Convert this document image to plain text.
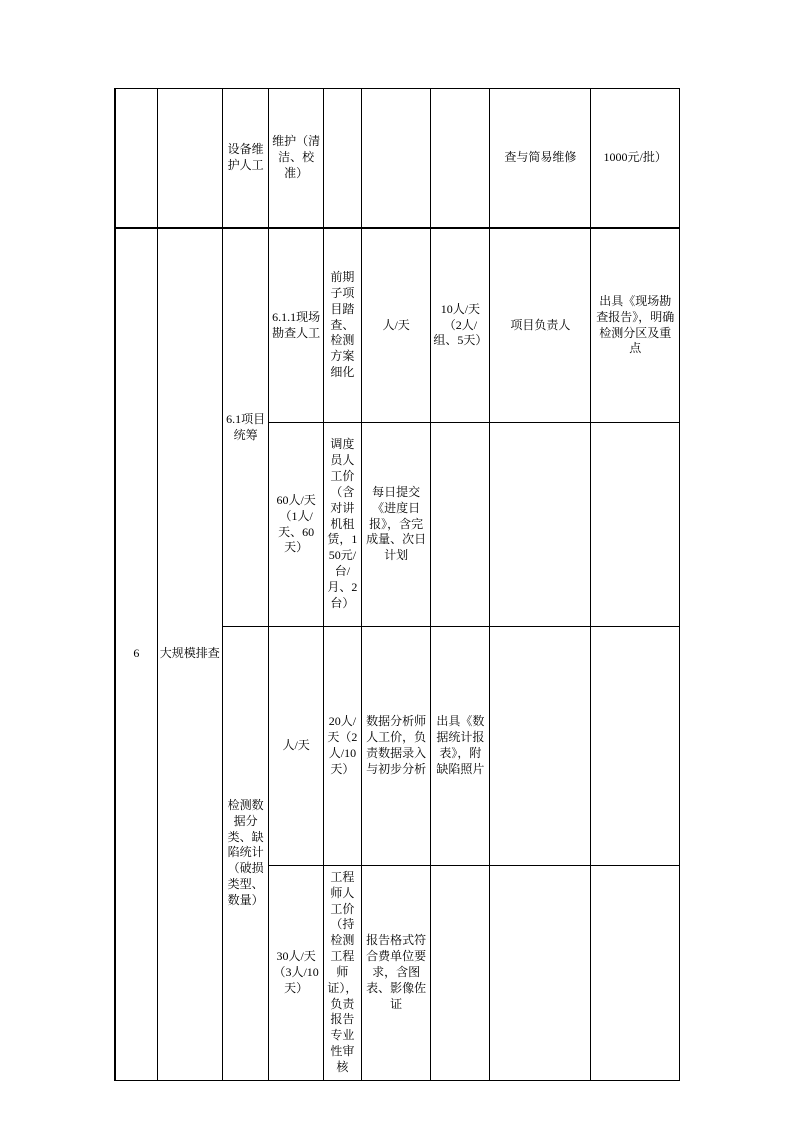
		设备维护人工	维护（清洁、校准）				查与简易维修	1000元/批）

6	大规模排查	6.1项目统筹	6.1.1现场勘查人工	前期子项目踏查、检测方案细化	人/天	10人/天（2人/组、5天）	项目负责人	出具《现场勘查报告》，明确检测分区及重点

			60人/天（1人/天、60天）	调度员人工价（含对讲机租赁，150元/台/月、2台）	每日提交《进度日报》，含完成量、次日计划			

		检测数据分类、缺陷统计（破损类型、数量）	人/天	20人/天（2人/10天）	数据分析师人工价，负责数据录入与初步分析	出具《数据统计报表》，附缺陷照片		

			30人/天（3人/10天）	工程师人工价（持检测工程师证），负责报告专业性审核	报告格式符合费单位要求，含图表、影像佐证			
